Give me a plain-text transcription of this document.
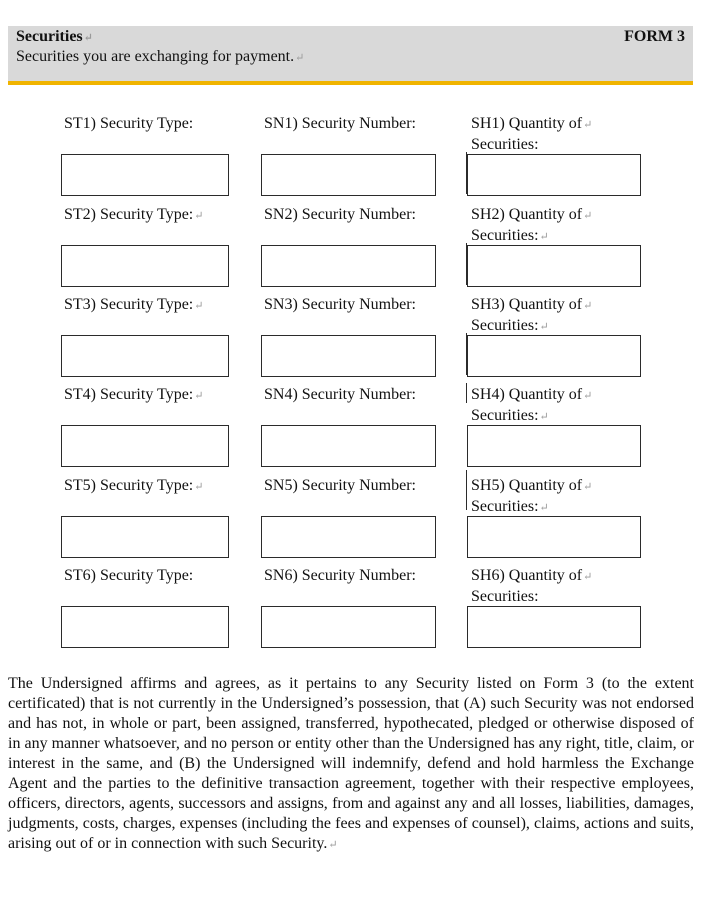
Securities↵
Securities you are exchanging for payment.↵
FORM 3
ST1) Security Type:	SN1) Security Number:	SH1) Quantity of↵
Securities:
ST2) Security Type:↵	SN2) Security Number:	SH2) Quantity of↵
Securities:↵
ST3) Security Type:↵	SN3) Security Number:	SH3) Quantity of↵
Securities:↵
ST4) Security Type:↵	SN4) Security Number:	SH4) Quantity of↵
Securities:↵
ST5) Security Type:↵	SN5) Security Number:	SH5) Quantity of↵
Securities:↵
ST6) Security Type:	SN6) Security Number:	SH6) Quantity of↵
Securities:
The Undersigned affirms and agrees, as it pertains to any Security listed on Form 3 (to the extent certificated) that is not currently in the Undersigned’s possession, that (A) such Security was not endorsed and has not, in whole or part, been assigned, transferred, hypothecated, pledged or otherwise disposed of in any manner whatsoever, and no person or entity other than the Undersigned has any right, title, claim, or interest in the same, and (B) the Undersigned will indemnify, defend and hold harmless the Exchange Agent and the parties to the definitive transaction agreement, together with their respective employees, officers, directors, agents, successors and assigns, from and against any and all losses, liabilities, damages, judgments, costs, charges, expenses (including the fees and expenses of counsel), claims, actions and suits, arising out of or in connection with such Security.↵
